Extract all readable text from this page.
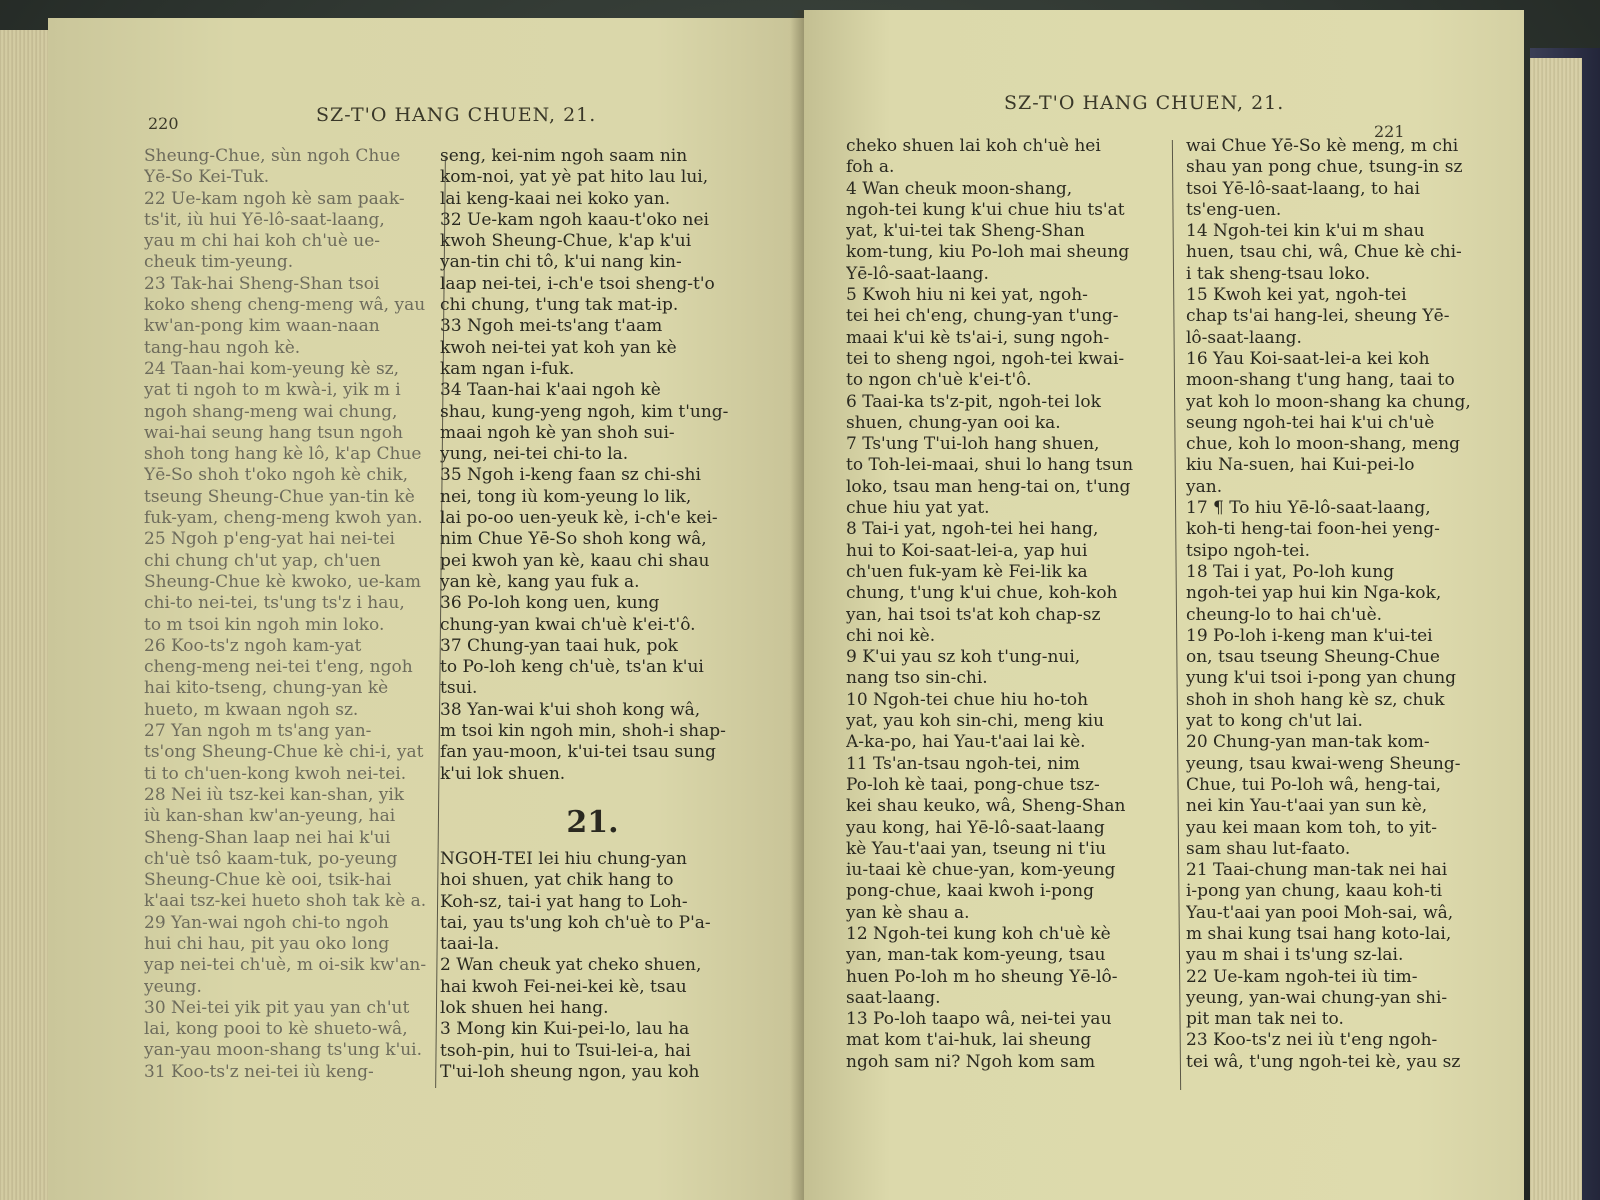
220	SZ-T'O HANG CHUEN, 21.
Sheung-Chue, sùn ngoh Chue
Yē-So Kei-Tuk.
22 Ue-kam ngoh kè sam paak-
ts'it, iù hui Yē-lô-saat-laang,
yau m chi hai koh ch'uè ue-
cheuk tim-yeung.
23 Tak-hai Sheng-Shan tsoi
koko sheng cheng-meng wâ, yau
kw'an-pong kim waan-naan
tang-hau ngoh kè.
24 Taan-hai kom-yeung kè sz,
yat ti ngoh to m kwà-i, yik m i
ngoh shang-meng wai chung,
wai-hai seung hang tsun ngoh
shoh tong hang kè lô, k'ap Chue
Yē-So shoh t'oko ngoh kè chik,
tseung Sheung-Chue yan-tin kè
fuk-yam, cheng-meng kwoh yan.
25 Ngoh p'eng-yat hai nei-tei
chi chung ch'ut yap, ch'uen
Sheung-Chue kè kwoko, ue-kam
chi-to nei-tei, ts'ung ts'z i hau,
to m tsoi kin ngoh min loko.
26 Koo-ts'z ngoh kam-yat
cheng-meng nei-tei t'eng, ngoh
hai kito-tseng, chung-yan kè
hueto, m kwaan ngoh sz.
27 Yan ngoh m ts'ang yan-
ts'ong Sheung-Chue kè chi-i, yat
ti to ch'uen-kong kwoh nei-tei.
28 Nei iù tsz-kei kan-shan, yik
iù kan-shan kw'an-yeung, hai
Sheng-Shan laap nei hai k'ui
ch'uè tsô kaam-tuk, po-yeung
Sheung-Chue kè ooi, tsik-hai
k'aai tsz-kei hueto shoh tak kè a.
29 Yan-wai ngoh chi-to ngoh
hui chi hau, pit yau oko long
yap nei-tei ch'uè, m oi-sik kw'an-
yeung.
30 Nei-tei yik pit yau yan ch'ut
lai, kong pooi to kè shueto-wâ,
yan-yau moon-shang ts'ung k'ui.
31 Koo-ts'z nei-tei iù keng-
seng, kei-nim ngoh saam nin
kom-noi, yat yè pat hito lau lui,
lai keng-kaai nei koko yan.
32 Ue-kam ngoh kaau-t'oko nei
kwoh Sheung-Chue, k'ap k'ui
yan-tin chi tô, k'ui nang kin-
laap nei-tei, i-ch'e tsoi sheng-t'o
chi chung, t'ung tak mat-ip.
33 Ngoh mei-ts'ang t'aam
kwoh nei-tei yat koh yan kè
kam ngan i-fuk.
34 Taan-hai k'aai ngoh kè
shau, kung-yeng ngoh, kim t'ung-
maai ngoh kè yan shoh sui-
yung, nei-tei chi-to la.
35 Ngoh i-keng faan sz chi-shi
nei, tong iù kom-yeung lo lik,
lai po-oo uen-yeuk kè, i-ch'e kei-
nim Chue Yē-So shoh kong wâ,
pei kwoh yan kè, kaau chi shau
yan kè, kang yau fuk a.
36 Po-loh kong uen, kung
chung-yan kwai ch'uè k'ei-t'ô.
37 Chung-yan taai huk, pok
to Po-loh keng ch'uè, ts'an k'ui
tsui.
38 Yan-wai k'ui shoh kong wâ,
m tsoi kin ngoh min, shoh-i shap-
fan yau-moon, k'ui-tei tsau sung
k'ui lok shuen.
21.
NGOH-TEI lei hiu chung-yan
hoi shuen, yat chik hang to
Koh-sz, tai-i yat hang to Loh-
tai, yau ts'ung koh ch'uè to P'a-
taai-la.
2 Wan cheuk yat cheko shuen,
hai kwoh Fei-nei-kei kè, tsau
lok shuen hei hang.
3 Mong kin Kui-pei-lo, lau ha
tsoh-pin, hui to Tsui-lei-a, hai
T'ui-loh sheung ngon, yau koh
SZ-T'O HANG CHUEN, 21.
221
cheko shuen lai koh ch'uè hei
foh a.
4 Wan cheuk moon-shang,
ngoh-tei kung k'ui chue hiu ts'at
yat, k'ui-tei tak Sheng-Shan
kom-tung, kiu Po-loh mai sheung
Yē-lô-saat-laang.
5 Kwoh hiu ni kei yat, ngoh-
tei hei ch'eng, chung-yan t'ung-
maai k'ui kè ts'ai-i, sung ngoh-
tei to sheng ngoi, ngoh-tei kwai-
to ngon ch'uè k'ei-t'ô.
6 Taai-ka ts'z-pit, ngoh-tei lok
shuen, chung-yan ooi ka.
7 Ts'ung T'ui-loh hang shuen,
to Toh-lei-maai, shui lo hang tsun
loko, tsau man heng-tai on, t'ung
chue hiu yat yat.
8 Tai-i yat, ngoh-tei hei hang,
hui to Koi-saat-lei-a, yap hui
ch'uen fuk-yam kè Fei-lik ka
chung, t'ung k'ui chue, koh-koh
yan, hai tsoi ts'at koh chap-sz
chi noi kè.
9 K'ui yau sz koh t'ung-nui,
nang tso sin-chi.
10 Ngoh-tei chue hiu ho-toh
yat, yau koh sin-chi, meng kiu
A-ka-po, hai Yau-t'aai lai kè.
11 Ts'an-tsau ngoh-tei, nim
Po-loh kè taai, pong-chue tsz-
kei shau keuko, wâ, Sheng-Shan
yau kong, hai Yē-lô-saat-laang
kè Yau-t'aai yan, tseung ni t'iu
iu-taai kè chue-yan, kom-yeung
pong-chue, kaai kwoh i-pong
yan kè shau a.
12 Ngoh-tei kung koh ch'uè kè
yan, man-tak kom-yeung, tsau
huen Po-loh m ho sheung Yē-lô-
saat-laang.
13 Po-loh taapo wâ, nei-tei yau
mat kom t'ai-huk, lai sheung
ngoh sam ni? Ngoh kom sam
wai Chue Yē-So kè meng, m chi
shau yan pong chue, tsung-in sz
tsoi Yē-lô-saat-laang, to hai
ts'eng-uen.
14 Ngoh-tei kin k'ui m shau
huen, tsau chi, wâ, Chue kè chi-
i tak sheng-tsau loko.
15 Kwoh kei yat, ngoh-tei
chap ts'ai hang-lei, sheung Yē-
lô-saat-laang.
16 Yau Koi-saat-lei-a kei koh
moon-shang t'ung hang, taai to
yat koh lo moon-shang ka chung,
seung ngoh-tei hai k'ui ch'uè
chue, koh lo moon-shang, meng
kiu Na-suen, hai Kui-pei-lo
yan.
17 ¶ To hiu Yē-lô-saat-laang,
koh-ti heng-tai foon-hei yeng-
tsipo ngoh-tei.
18 Tai i yat, Po-loh kung
ngoh-tei yap hui kin Nga-kok,
cheung-lo to hai ch'uè.
19 Po-loh i-keng man k'ui-tei
on, tsau tseung Sheung-Chue
yung k'ui tsoi i-pong yan chung
shoh in shoh hang kè sz, chuk
yat to kong ch'ut lai.
20 Chung-yan man-tak kom-
yeung, tsau kwai-weng Sheung-
Chue, tui Po-loh wâ, heng-tai,
nei kin Yau-t'aai yan sun kè,
yau kei maan kom toh, to yit-
sam shau lut-faato.
21 Taai-chung man-tak nei hai
i-pong yan chung, kaau koh-ti
Yau-t'aai yan pooi Moh-sai, wâ,
m shai kung tsai hang koto-lai,
yau m shai i ts'ung sz-lai.
22 Ue-kam ngoh-tei iù tim-
yeung, yan-wai chung-yan shi-
pit man tak nei to.
23 Koo-ts'z nei iù t'eng ngoh-
tei wâ, t'ung ngoh-tei kè, yau sz
